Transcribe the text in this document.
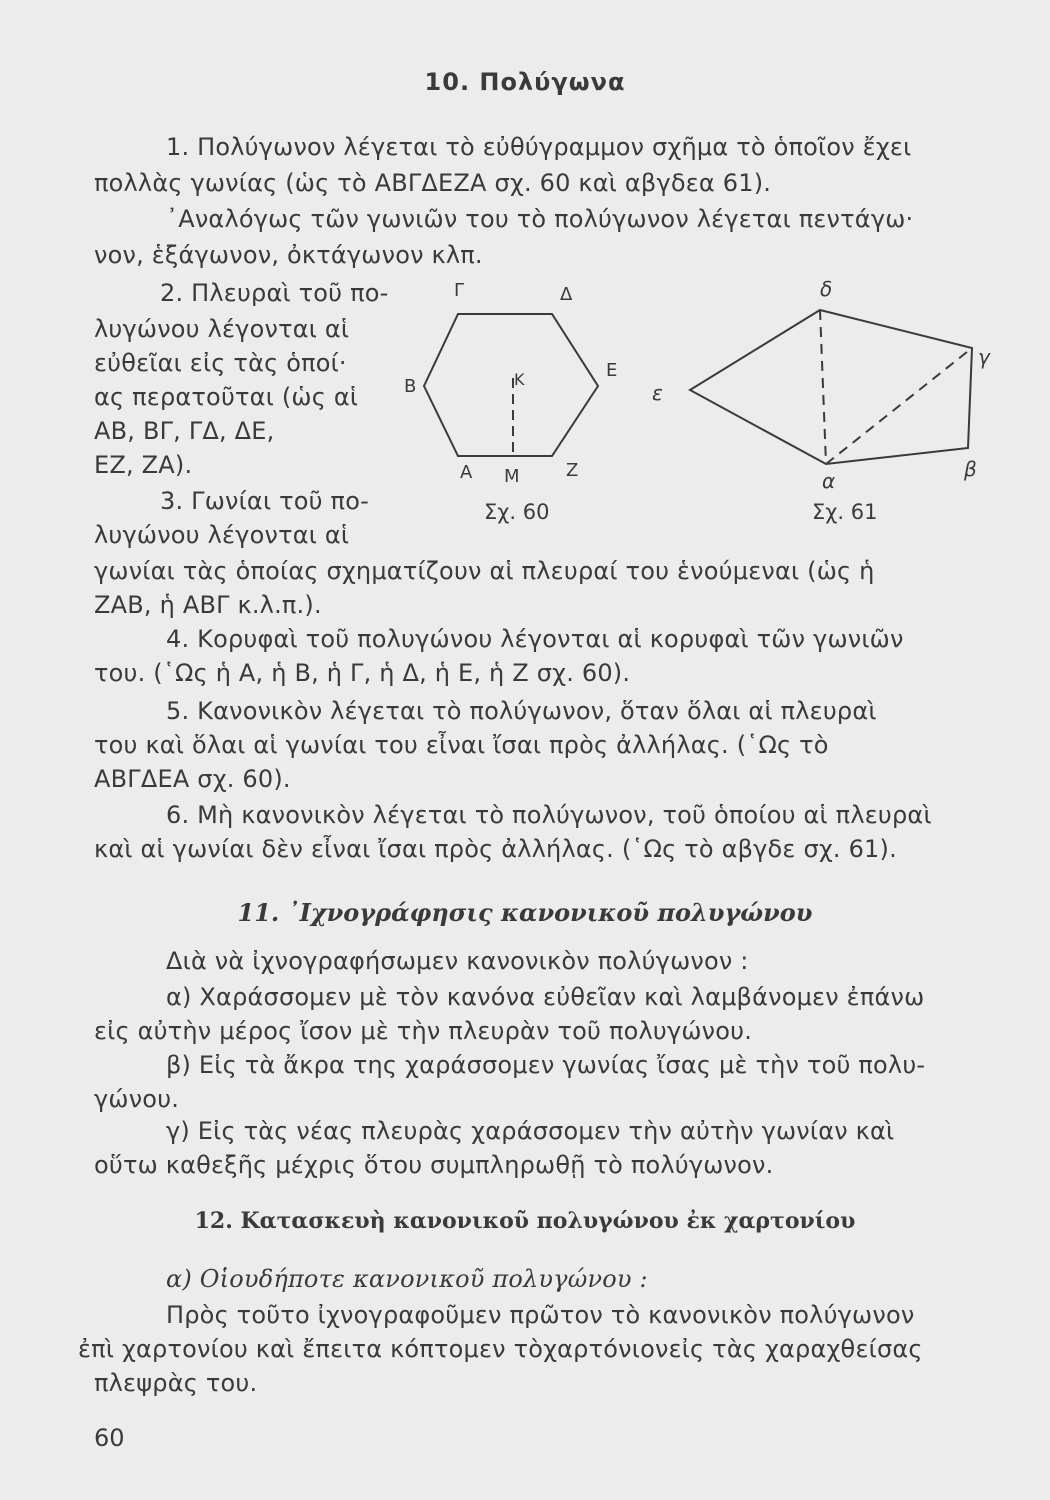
10. Πολύγωνα
1. Πολύγωνον λέγεται τὸ εὐθύγραμμον σχῆμα τὸ ὁποῖον ἔχει
πολλὰς γωνίας (ὡς τὸ ΑΒΓΔΕΖΑ σχ. 60 καὶ αβγδεα 61).
᾿Αναλόγως τῶν γωνιῶν του τὸ πολύγωνον λέγεται πεντάγω·
νον, ἑξάγωνον, ὀκτάγωνον κλπ.
2. Πλευραὶ τοῦ πο-
λυγώνου λέγονται αἱ
εὐθεῖαι εἰς τὰς ὁποί·
ας περατοῦται (ὡς αἱ
ΑΒ, ΒΓ, ΓΔ, ΔΕ,
ΕΖ, ΖΑ).
3. Γωνίαι τοῦ πο-
λυγώνου λέγονται αἱ
γωνίαι τὰς ὁποίας σχηματίζουν αἱ πλευραί του ἑνούμεναι (ὡς ἡ
ΖΑΒ, ἡ ΑΒΓ κ.λ.π.).
4. Κορυφαὶ τοῦ πολυγώνου λέγονται αἱ κορυφαὶ τῶν γωνιῶν
του. (῾Ως ἡ Α, ἡ Β, ἡ Γ, ἡ Δ, ἡ Ε, ἡ Ζ σχ. 60).
5. Κανονικὸν λέγεται τὸ πολύγωνον, ὅταν ὅλαι αἱ πλευραὶ
του καὶ ὅλαι αἱ γωνίαι του εἶναι ἴσαι πρὸς ἀλλήλας. (῾Ως τὸ
ΑΒΓΔΕΑ σχ. 60).
6. Μὴ κανονικὸν λέγεται τὸ πολύγωνον, τοῦ ὁποίου αἱ πλευραὶ
καὶ αἱ γωνίαι δὲν εἶναι ἴσαι πρὸς ἀλλήλας. (῾Ως τὸ αβγδε σχ. 61).
Γ	Δ
Β
Ε
Κ
Α Μ	Ζ
Σχ. 60
δ
γ
ε
β
α
Σχ. 61
11. ᾿Ιχνογράφησις κανονικοῦ πολυγώνου
Διὰ νὰ ἰχνογραφήσωμεν κανονικὸν πολύγωνον :
α) Χαράσσομεν μὲ τὸν κανόνα εὐθεῖαν καὶ λαμβάνομεν ἐπάνω
εἰς αὐτὴν μέρος ἴσον μὲ τὴν πλευρὰν τοῦ πολυγώνου.
β) Εἰς τὰ ἄκρα της χαράσσομεν γωνίας ἴσας μὲ τὴν τοῦ πολυ-
γώνου.
γ) Εἰς τὰς νέας πλευρὰς χαράσσομεν τὴν αὐτὴν γωνίαν καὶ
οὕτω καθεξῆς μέχρις ὅτου συμπληρωθῇ τὸ πολύγωνον.
12. Κατασκευὴ κανονικοῦ πολυγώνου ἐκ χαρτονίου
α) Οἱουδήποτε κανονικοῦ πολυγώνου :
Πρὸς τοῦτο ἰχνογραφοῦμεν πρῶτον τὸ κανονικὸν πολύγωνον
ἐπὶ χαρτονίου καὶ ἔπειτα κόπτομεν τὸχαρτόνιονεἰς τὰς χαραχθείσας
πλεψρὰς του.
60
